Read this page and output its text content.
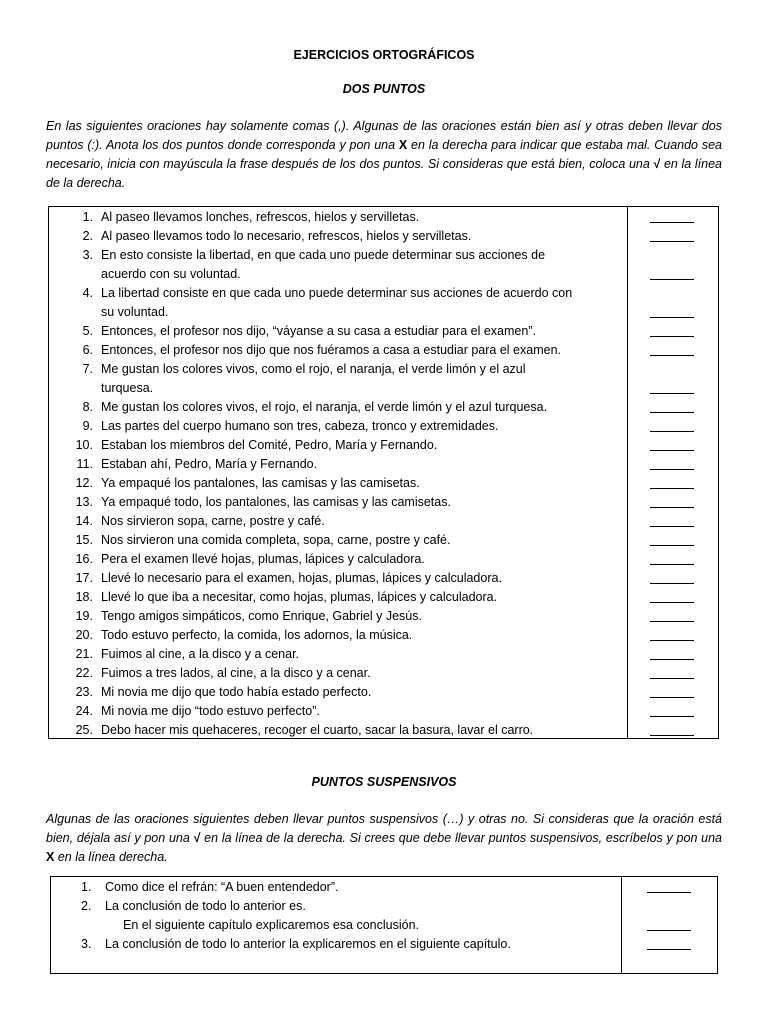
EJERCICIOS ORTOGRÁFICOS
DOS PUNTOS
En las siguientes oraciones hay solamente comas (,). Algunas de las oraciones están bien así y otras deben llevar dos puntos (:). Anota los dos puntos donde corresponda y pon una X en la derecha para indicar que estaba mal. Cuando sea necesario, inicia con mayúscula la frase después de los dos puntos. Si consideras que está bien, coloca una √ en la línea de la derecha.
1. Al paseo llevamos lonches, refrescos, hielos y servilletas.
2. Al paseo llevamos todo lo necesario, refrescos, hielos y servilletas.
3. En esto consiste la libertad, en que cada uno puede determinar sus acciones de
acuerdo con su voluntad.
4. La libertad consiste en que cada uno puede determinar sus acciones de acuerdo con
su voluntad.
5. Entonces, el profesor nos dijo, “váyanse a su casa a estudiar para el examen”.
6. Entonces, el profesor nos dijo que nos fuéramos a casa a estudiar para el examen.
7. Me gustan los colores vivos, como el rojo, el naranja, el verde limón y el azul
turquesa.
8. Me gustan los colores vivos, el rojo, el naranja, el verde limón y el azul turquesa.
9. Las partes del cuerpo humano son tres, cabeza, tronco y extremidades.
10. Estaban los miembros del Comité, Pedro, María y Fernando.
11. Estaban ahí, Pedro, María y Fernando.
12. Ya empaqué los pantalones, las camisas y las camisetas.
13. Ya empaqué todo, los pantalones, las camisas y las camisetas.
14. Nos sirvieron sopa, carne, postre y café.
15. Nos sirvieron una comida completa, sopa, carne, postre y café.
16. Pera el examen llevé hojas, plumas, lápices y calculadora.
17. Llevé lo necesario para el examen, hojas, plumas, lápices y calculadora.
18. Llevé lo que iba a necesitar, como hojas, plumas, lápices y calculadora.
19. Tengo amigos simpáticos, como Enrique, Gabriel y Jesús.
20. Todo estuvo perfecto, la comida, los adornos, la música.
21. Fuimos al cine, a la disco y a cenar.
22. Fuimos a tres lados, al cine, a la disco y a cenar.
23. Mi novia me dijo que todo había estado perfecto.
24. Mi novia me dijo “todo estuvo perfecto”.
25. Debo hacer mis quehaceres, recoger el cuarto, sacar la basura, lavar el carro.
PUNTOS SUSPENSIVOS
Algunas de las oraciones siguientes deben llevar puntos suspensivos (…) y otras no. Si consideras que la oración está bien, déjala así y pon una √ en la línea de la derecha. Si crees que debe llevar puntos suspensivos, escríbelos y pon una X en la línea derecha.
1. Como dice el refrán: “A buen entendedor”.
2. La conclusión de todo lo anterior es.
En el siguiente capítulo explicaremos esa conclusión.
3. La conclusión de todo lo anterior la explicaremos en el siguiente capítulo.
